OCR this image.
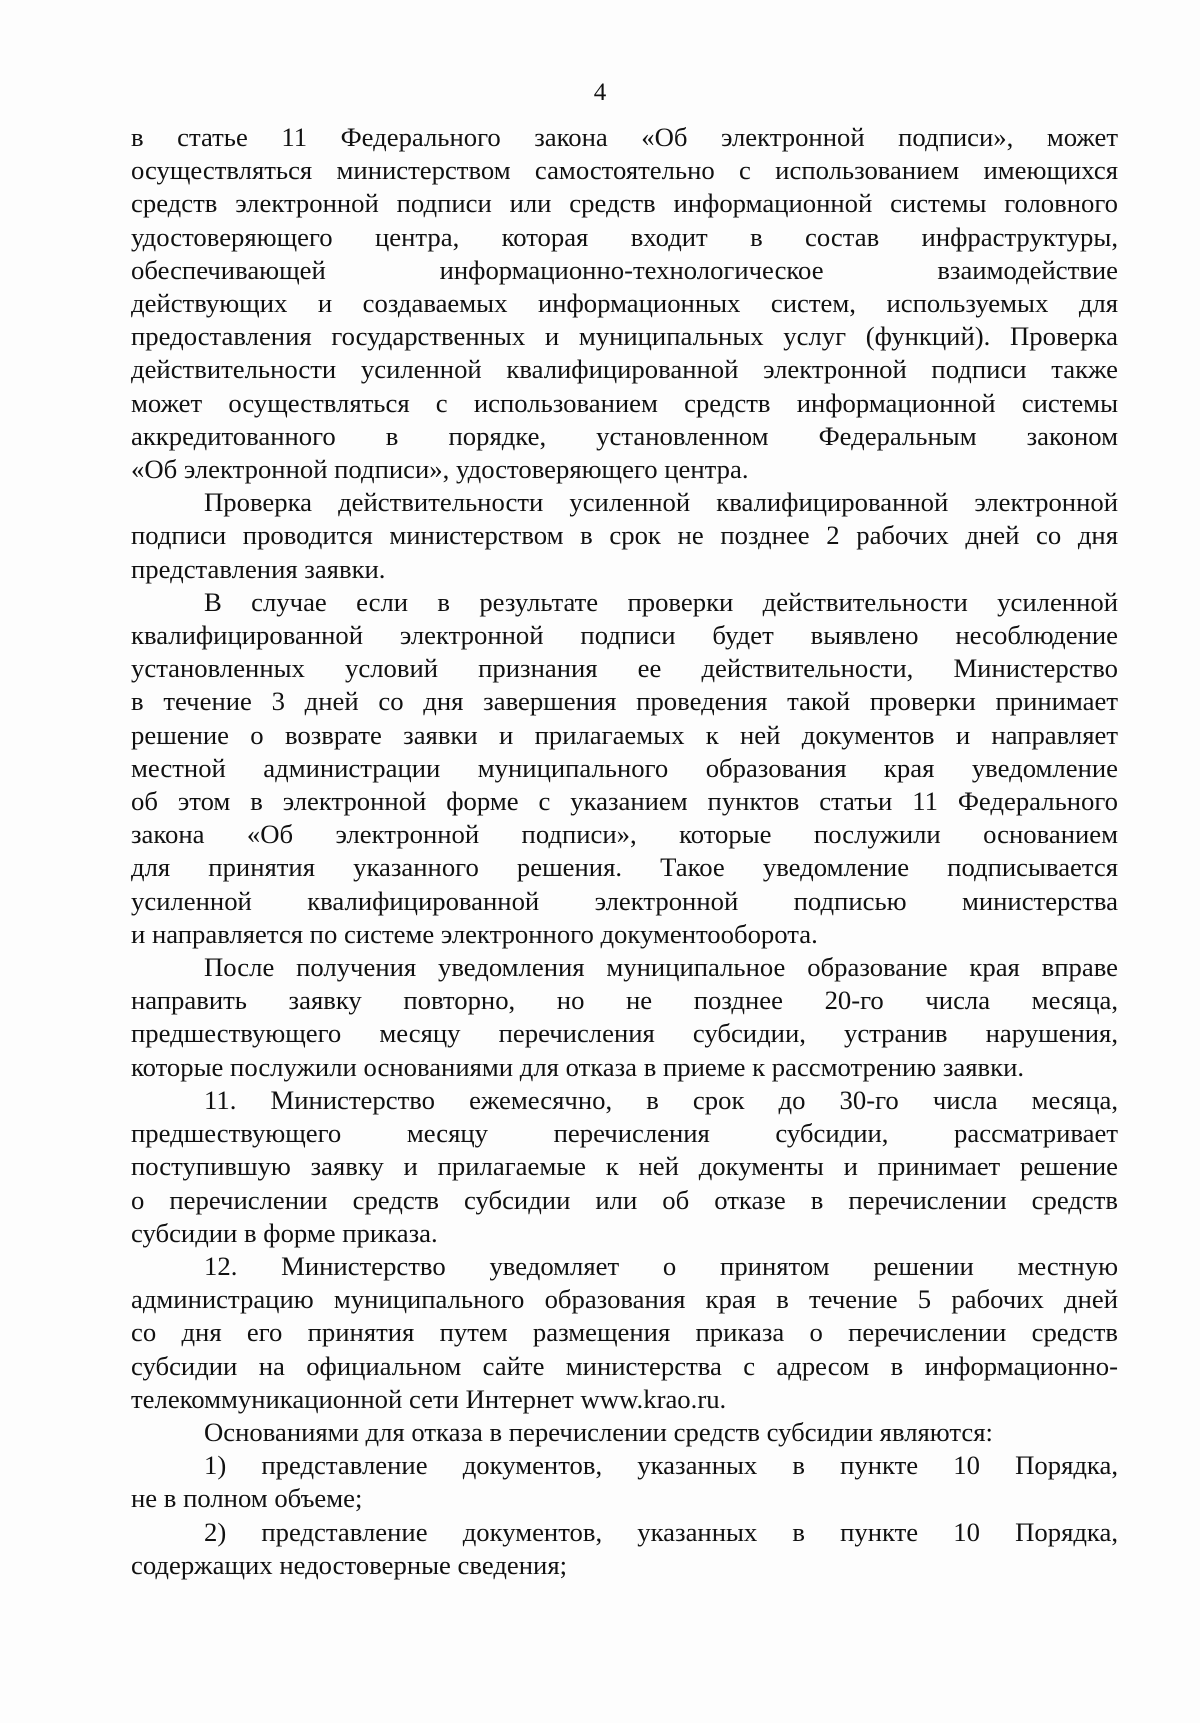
4
в статье 11 Федерального закона «Об электронной подписи», может
осуществляться министерством самостоятельно с использованием имеющихся
средств электронной подписи или средств информационной системы головного
удостоверяющего центра, которая входит в состав инфраструктуры,
обеспечивающей информационно-технологическое взаимодействие
действующих и создаваемых информационных систем, используемых для
предоставления государственных и муниципальных услуг (функций). Проверка
действительности усиленной квалифицированной электронной подписи также
может осуществляться с использованием средств информационной системы
аккредитованного в порядке, установленном Федеральным законом
«Об электронной подписи», удостоверяющего центра.
Проверка действительности усиленной квалифицированной электронной
подписи проводится министерством в срок не позднее 2 рабочих дней со дня
представления заявки.
В случае если в результате проверки действительности усиленной
квалифицированной электронной подписи будет выявлено несоблюдение
установленных условий признания ее действительности, Министерство
в течение 3 дней со дня завершения проведения такой проверки принимает
решение о возврате заявки и прилагаемых к ней документов и направляет
местной администрации муниципального образования края уведомление
об этом в электронной форме с указанием пунктов статьи 11 Федерального
закона «Об электронной подписи», которые послужили основанием
для принятия указанного решения. Такое уведомление подписывается
усиленной квалифицированной электронной подписью министерства
и направляется по системе электронного документооборота.
После получения уведомления муниципальное образование края вправе
направить заявку повторно, но не позднее 20-го числа месяца,
предшествующего месяцу перечисления субсидии, устранив нарушения,
которые послужили основаниями для отказа в приеме к рассмотрению заявки.
11. Министерство ежемесячно, в срок до 30-го числа месяца,
предшествующего месяцу перечисления субсидии, рассматривает
поступившую заявку и прилагаемые к ней документы и принимает решение
о перечислении средств субсидии или об отказе в перечислении средств
субсидии в форме приказа.
12. Министерство уведомляет о принятом решении местную
администрацию муниципального образования края в течение 5 рабочих дней
со дня его принятия путем размещения приказа о перечислении средств
субсидии на официальном сайте министерства с адресом в информационно-
телекоммуникационной сети Интернет www.krao.ru.
Основаниями для отказа в перечислении средств субсидии являются:
1) представление документов, указанных в пункте 10 Порядка,
не в полном объеме;
2) представление документов, указанных в пункте 10 Порядка,
содержащих недостоверные сведения;
